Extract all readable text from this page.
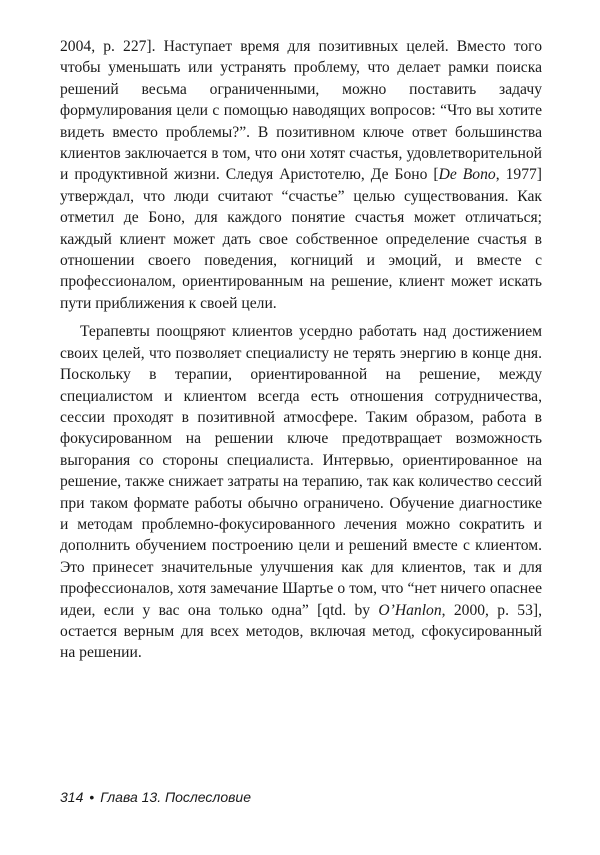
2004, р. 227]. Наступает время для позитивных целей. Вместо того чтобы уменьшать или устранять проблему, что делает рамки поиска решений весьма ограниченными, можно поставить задачу формулирования цели с помощью наводящих вопросов: “Что вы хотите видеть вместо проблемы?”. В позитивном ключе ответ большинства клиентов заключается в том, что они хотят счастья, удовлетворительной и продуктивной жизни. Следуя Аристотелю, Де Боно [De Bono, 1977] утверждал, что люди считают “счастье” целью существования. Как отметил де Боно, для каждого понятие счастья может отличаться; каждый клиент может дать свое собственное определение счастья в отношении своего поведения, когниций и эмоций, и вместе с профессионалом, ориентированным на решение, клиент может искать пути приближения к своей цели.

Терапевты поощряют клиентов усердно работать над достижением своих целей, что позволяет специалисту не терять энергию в конце дня. Поскольку в терапии, ориентированной на решение, между специалистом и клиентом всегда есть отношения сотрудничества, сессии проходят в позитивной атмосфере. Таким образом, работа в фокусированном на решении ключе предотвращает возможность выгорания со стороны специалиста. Интервью, ориентированное на решение, также снижает затраты на терапию, так как количество сессий при таком формате работы обычно ограничено. Обучение диагностике и методам проблемно-фокусированного лечения можно сократить и дополнить обучением построению цели и решений вместе с клиентом. Это принесет значительные улучшения как для клиентов, так и для профессионалов, хотя замечание Шартье о том, что “нет ничего опаснее идеи, если у вас она только одна” [qtd. by O’Hanlon, 2000, p. 53], остается верным для всех методов, включая метод, сфокусированный на решении.

314 • Глава 13. Послесловие
